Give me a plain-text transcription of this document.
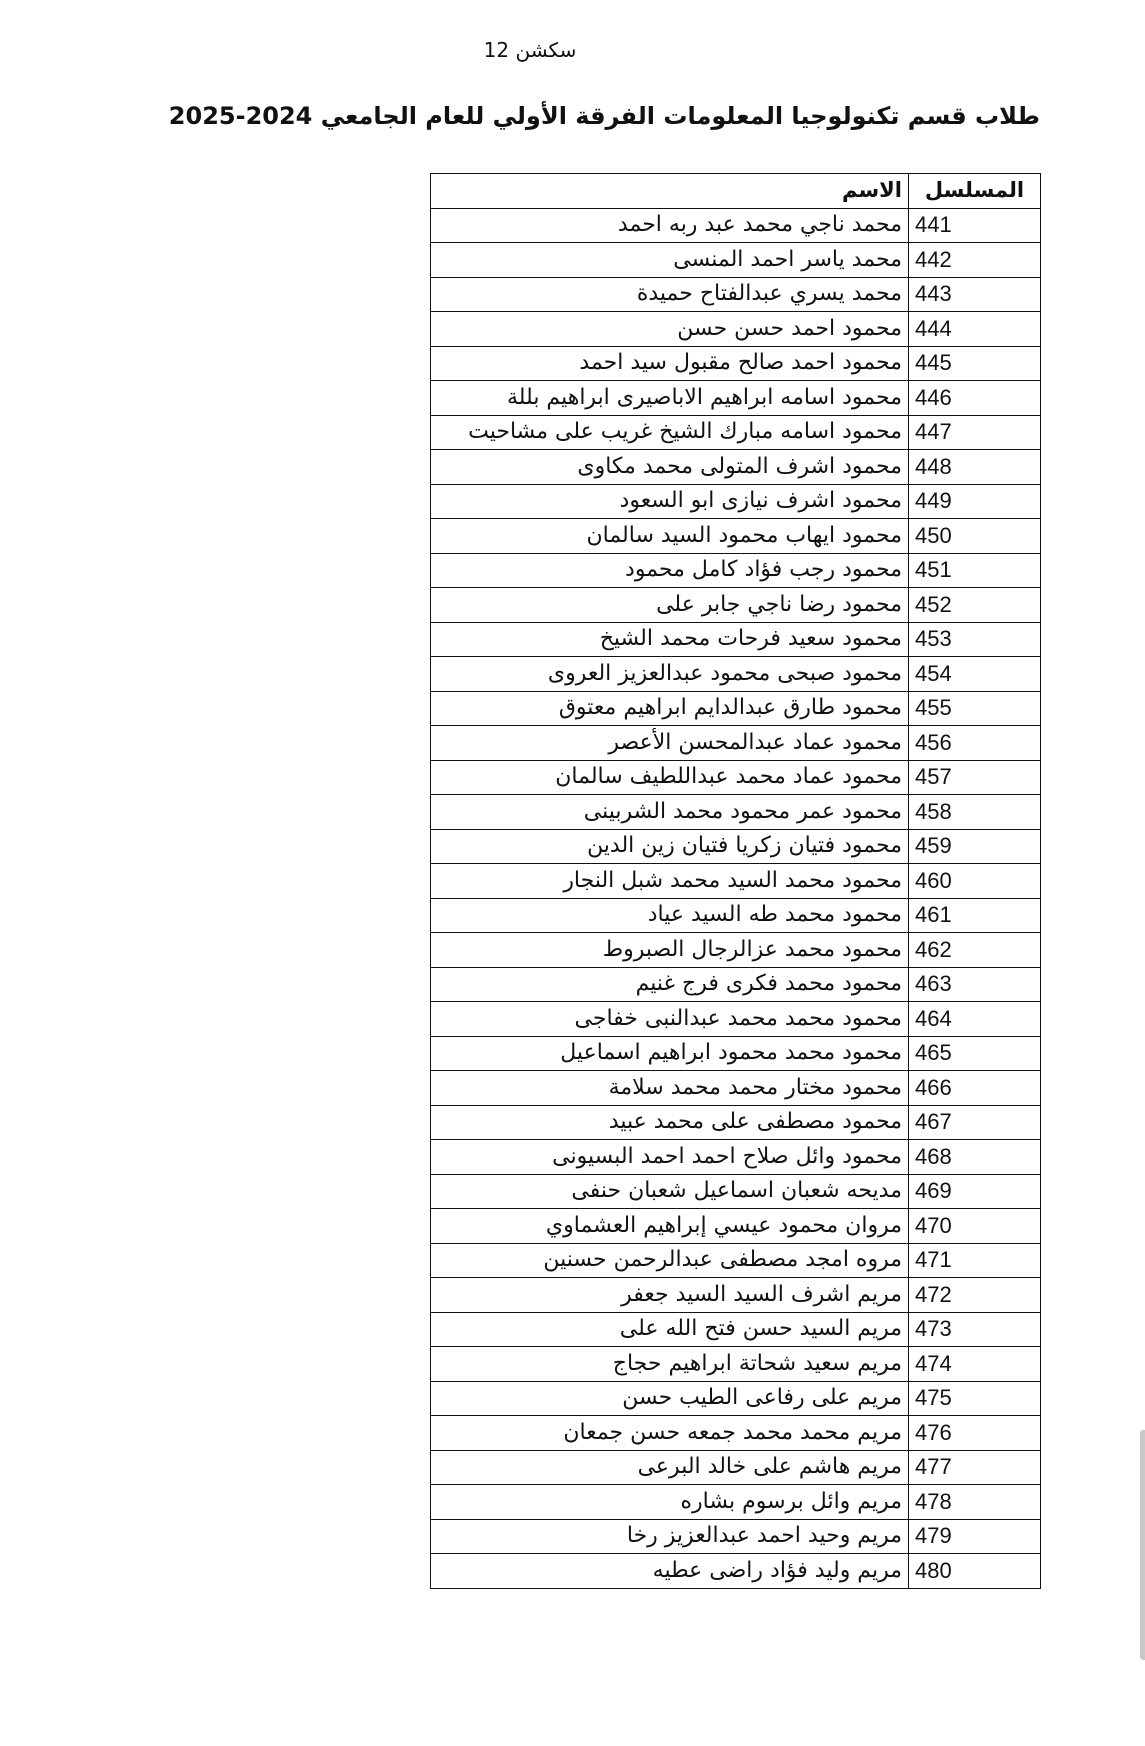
سكشن 12
طلاب قسم تكنولوجيا المعلومات الفرقة الأولي للعام الجامعي 2024-2025
المسلسل	الاسم
441	محمد ناجي محمد عبد ربه احمد
442	محمد ياسر احمد المنسى
443	محمد يسري عبدالفتاح حميدة
444	محمود احمد حسن حسن
445	محمود احمد صالح مقبول سيد احمد
446	محمود اسامه ابراهيم الاباصيرى ابراهيم بللة
447	محمود اسامه مبارك الشيخ غريب على مشاحيت
448	محمود اشرف المتولى محمد مكاوى
449	محمود اشرف نيازى ابو السعود
450	محمود ايهاب محمود السيد سالمان
451	محمود رجب فؤاد كامل محمود
452	محمود رضا ناجي جابر على
453	محمود سعيد فرحات محمد الشيخ
454	محمود صبحى محمود عبدالعزيز العروى
455	محمود طارق عبدالدايم ابراهيم معتوق
456	محمود عماد عبدالمحسن الأعصر
457	محمود عماد محمد عبداللطيف سالمان
458	محمود عمر محمود محمد الشربينى
459	محمود فتيان زكريا فتيان زين الدين
460	محمود محمد السيد محمد شبل النجار
461	محمود محمد طه السيد عياد
462	محمود محمد عزالرجال الصبروط
463	محمود محمد فكرى فرج غنيم
464	محمود محمد محمد عبدالنبى خفاجى
465	محمود محمد محمود ابراهيم اسماعيل
466	محمود مختار محمد محمد سلامة
467	محمود مصطفى على محمد عبيد
468	محمود وائل صلاح احمد احمد البسيونى
469	مديحه شعبان اسماعيل شعبان حنفى
470	مروان محمود عيسي إبراهيم العشماوي
471	مروه امجد مصطفى عبدالرحمن حسنين
472	مريم اشرف السيد السيد جعفر
473	مريم السيد حسن فتح الله على
474	مريم سعيد شحاتة ابراهيم حجاج
475	مريم على رفاعى الطيب حسن
476	مريم محمد محمد جمعه حسن جمعان
477	مريم هاشم على خالد البرعى
478	مريم وائل برسوم بشاره
479	مريم وحيد احمد عبدالعزيز رخا
480	مريم وليد فؤاد راضى عطيه
